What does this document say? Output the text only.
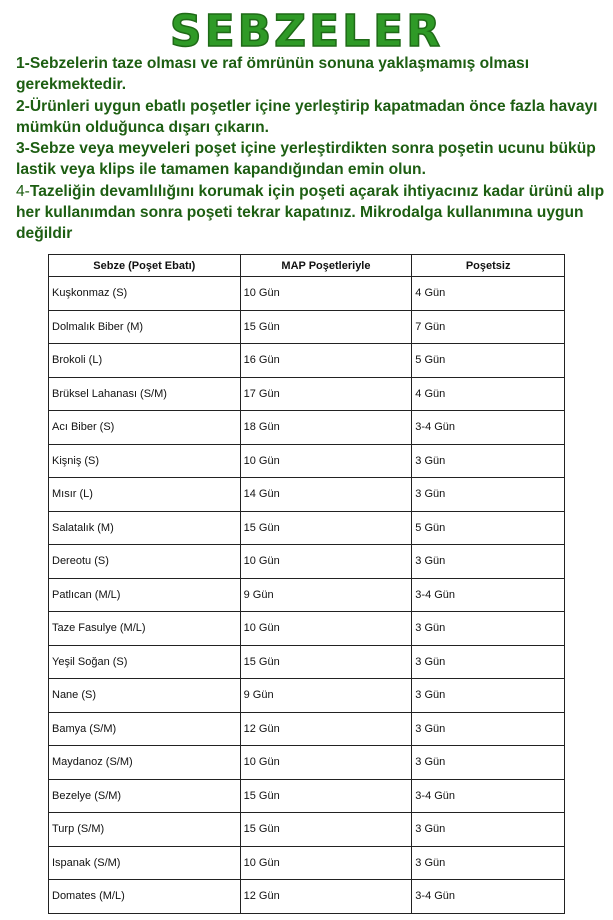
SEBZELER

1-Sebzelerin taze olması ve raf ömrünün sonuna yaklaşmamış olması gerekmektedir.

2-Ürünleri uygun ebatlı poşetler içine yerleştirip kapatmadan önce fazla havayı mümkün olduğunca dışarı çıkarın.

3-Sebze veya meyveleri poşet içine yerleştirdikten sonra poşetin ucunu büküp lastik veya klips ile tamamen kapandığından emin olun.

4-Tazeliğin devamlılığını korumak için poşeti açarak ihtiyacınız kadar ürünü alıp her kullanımdan sonra poşeti tekrar kapatınız. Mikrodalga kullanımına uygun değildir

Sebze (Poşet Ebatı)	MAP Poşetleriyle	Poşetsiz
Kuşkonmaz (S)	10 Gün	4 Gün
Dolmalık Biber (M)	15 Gün	7 Gün
Brokoli (L)	16 Gün	5 Gün
Brüksel Lahanası (S/M)	17 Gün	4 Gün
Acı Biber (S)	18 Gün	3-4 Gün
Kişniş (S)	10 Gün	3 Gün
Mısır (L)	14 Gün	3 Gün
Salatalık (M)	15 Gün	5 Gün
Dereotu (S)	10 Gün	3 Gün
Patlıcan (M/L)	9 Gün	3-4 Gün
Taze Fasulye (M/L)	10 Gün	3 Gün
Yeşil Soğan (S)	15 Gün	3 Gün
Nane (S)	9 Gün	3 Gün
Bamya (S/M)	12 Gün	3 Gün
Maydanoz (S/M)	10 Gün	3 Gün
Bezelye (S/M)	15 Gün	3-4 Gün
Turp (S/M)	15 Gün	3 Gün
Ispanak (S/M)	10 Gün	3 Gün
Domates (M/L)	12 Gün	3-4 Gün
